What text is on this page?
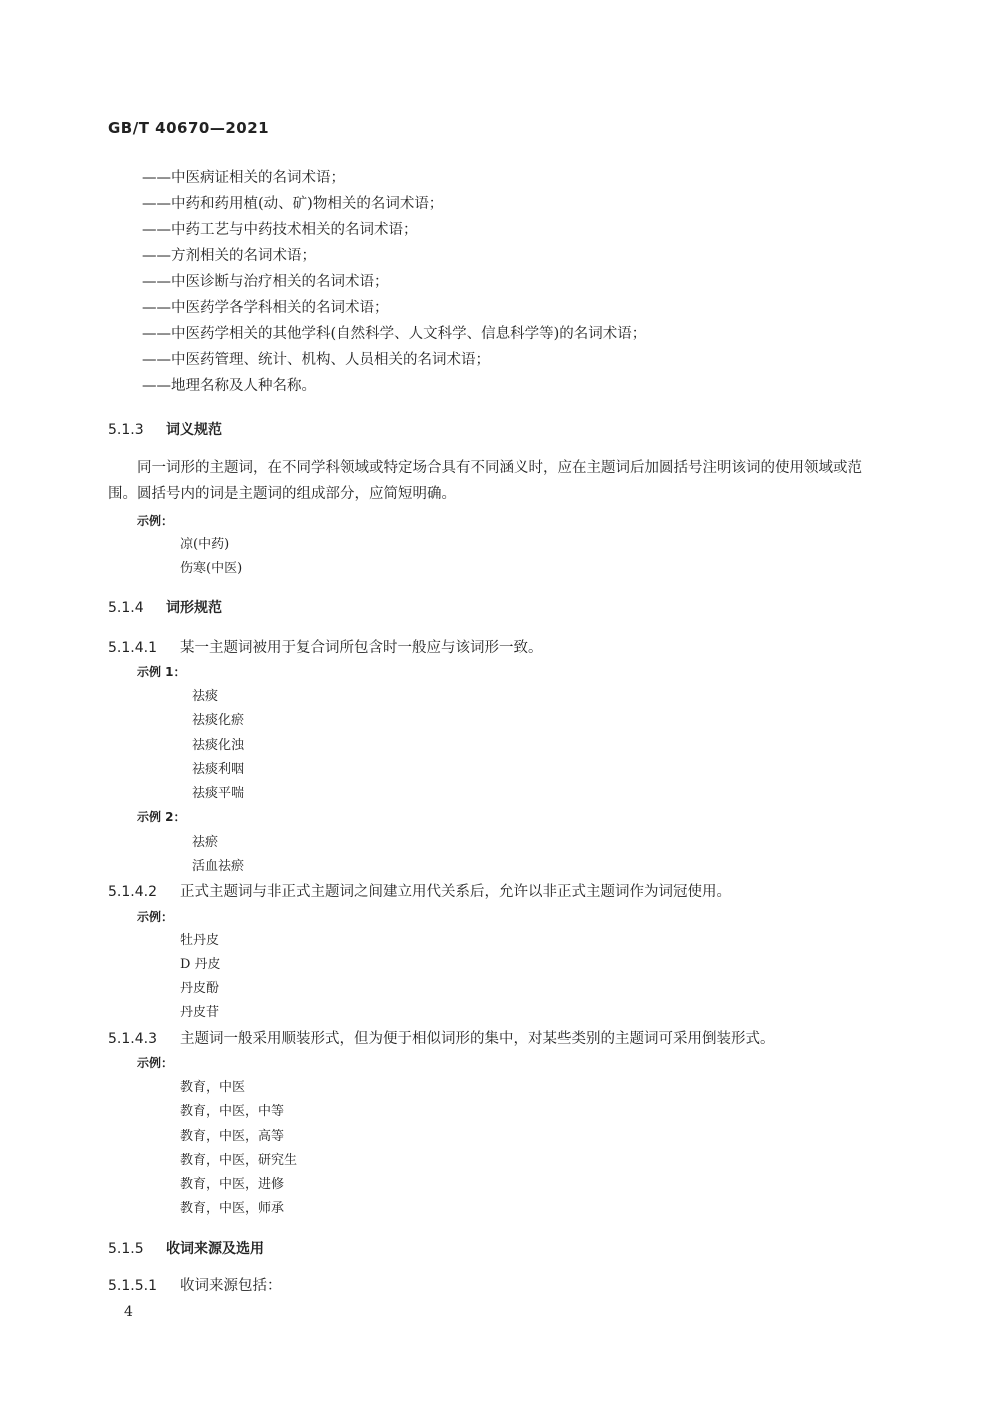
GB/T 40670—2021
——中医病证相关的名词术语；
——中药和药用植(动、矿)物相关的名词术语；
——中药工艺与中药技术相关的名词术语；
——方剂相关的名词术语；
——中医诊断与治疗相关的名词术语；
——中医药学各学科相关的名词术语；
——中医药学相关的其他学科(自然科学、人文科学、信息科学等)的名词术语；
——中医药管理、统计、机构、人员相关的名词术语；
——地理名称及人种名称。
5.1.3 词义规范
同一词形的主题词，在不同学科领域或特定场合具有不同涵义时，应在主题词后加圆括号注明该词的使用领域或范围。圆括号内的词是主题词的组成部分，应简短明确。
示例：
凉(中药)
伤寒(中医)
5.1.4 词形规范
5.1.4.1 某一主题词被用于复合词所包含时一般应与该词形一致。
示例 1：
祛痰
祛痰化瘀
祛痰化浊
祛痰利咽
祛痰平喘
示例 2：
祛瘀
活血祛瘀
5.1.4.2 正式主题词与非正式主题词之间建立用代关系后，允许以非正式主题词作为词冠使用。
示例：
牡丹皮
D 丹皮
丹皮酚
丹皮苷
5.1.4.3 主题词一般采用顺装形式，但为便于相似词形的集中，对某些类别的主题词可采用倒装形式。
示例：
教育，中医
教育，中医，中等
教育，中医，高等
教育，中医，研究生
教育，中医，进修
教育，中医，师承
5.1.5 收词来源及选用
5.1.5.1 收词来源包括：
4
